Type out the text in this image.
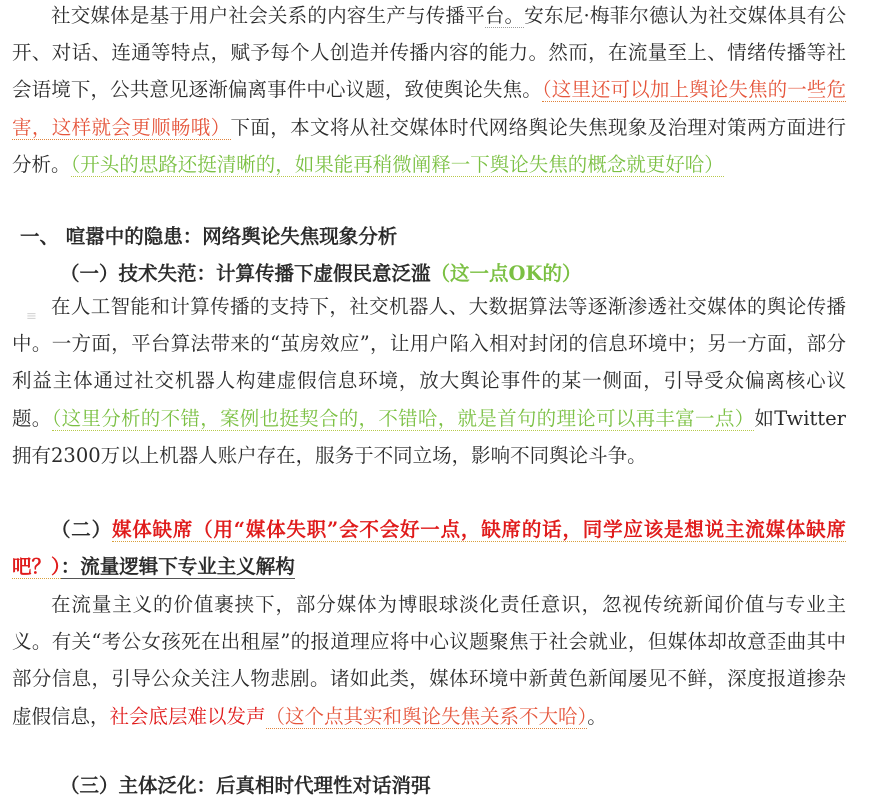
社交媒体是基于用户社会关系的内容生产与传播平台。安东尼·梅菲尔德认为社交媒体具有公开、对话、连通等特点，赋予每个人创造并传播内容的能力。然而，在流量至上、情绪传播等社会语境下，公共意见逐渐偏离事件中心议题，致使舆论失焦。（这里还可以加上舆论失焦的一些危害，这样就会更顺畅哦）下面，本文将从社交媒体时代网络舆论失焦现象及治理对策两方面进行分析。（开头的思路还挺清晰的，如果能再稍微阐释一下舆论失焦的概念就更好哈）

一、 喧嚣中的隐患：网络舆论失焦现象分析
（一）技术失范：计算传播下虚假民意泛滥（这一点OK的）
≡ 在人工智能和计算传播的支持下，社交机器人、大数据算法等逐渐渗透社交媒体的舆论传播中。一方面，平台算法带来的“茧房效应”，让用户陷入相对封闭的信息环境中；另一方面，部分利益主体通过社交机器人构建虚假信息环境，放大舆论事件的某一侧面，引导受众偏离核心议题。（这里分析的不错，案例也挺契合的，不错哈，就是首句的理论可以再丰富一点）如Twitter拥有2300万以上机器人账户存在，服务于不同立场，影响不同舆论斗争。

（二）媒体缺席（用“媒体失职”会不会好一点，缺席的话，同学应该是想说主流媒体缺席吧？）：流量逻辑下专业主义解构

在流量主义的价值裹挟下，部分媒体为博眼球淡化责任意识，忽视传统新闻价值与专业主义。有关“考公女孩死在出租屋”的报道理应将中心议题聚焦于社会就业，但媒体却故意歪曲其中部分信息，引导公众关注人物悲剧。诸如此类，媒体环境中新黄色新闻屡见不鲜，深度报道掺杂虚假信息，社会底层难以发声（这个点其实和舆论失焦关系不大哈）。

（三）主体泛化：后真相时代理性对话消弭
